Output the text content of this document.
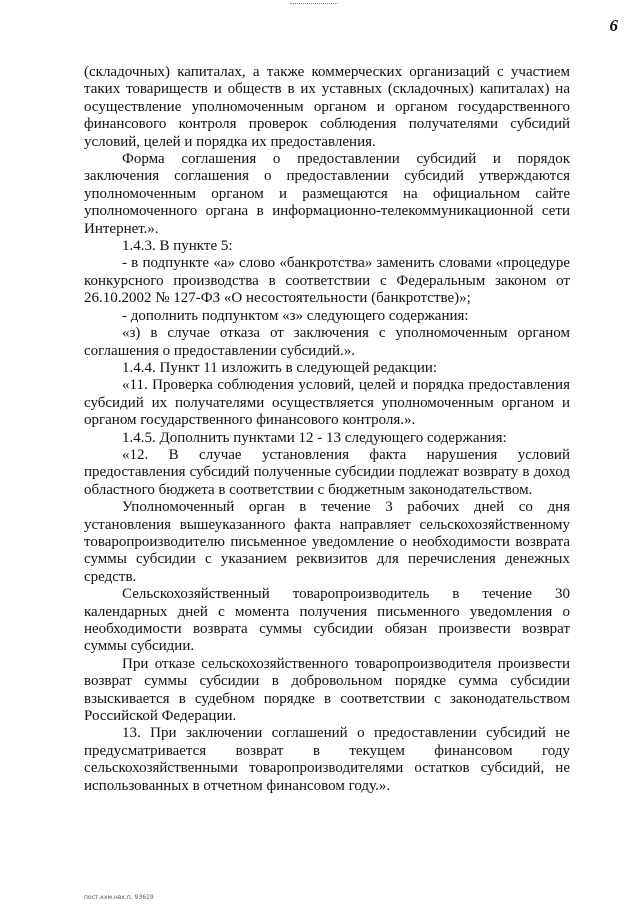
6

(складочных) капиталах, а также коммерческих организаций с участием таких товариществ и обществ в их уставных (складочных) капиталах) на осуществление уполномоченным органом и органом государственного финансового контроля проверок соблюдения получателями субсидий условий, целей и порядка их предоставления.

Форма соглашения о предоставлении субсидий и порядок заключения соглашения о предоставлении субсидий утверждаются уполномоченным органом и размещаются на официальном сайте уполномоченного органа в информационно-телекоммуникационной сети Интернет.».

1.4.3. В пункте 5:

- в подпункте «а» слово «банкротства» заменить словами «процедуре конкурсного производства в соответствии с Федеральным законом от 26.10.2002 № 127-ФЗ «О несостоятельности (банкротстве)»;

- дополнить подпунктом «з» следующего содержания:

«з) в случае отказа от заключения с уполномоченным органом соглашения о предоставлении субсидий.».

1.4.4. Пункт 11 изложить в следующей редакции:

«11. Проверка соблюдения условий, целей и порядка предоставления субсидий их получателями осуществляется уполномоченным органом и органом государственного финансового контроля.».

1.4.5. Дополнить пунктами 12 - 13 следующего содержания:

«12. В случае установления факта нарушения условий предоставления субсидий полученные субсидии подлежат возврату в доход областного бюджета в соответствии с бюджетным законодательством.

Уполномоченный орган в течение 3 рабочих дней со дня установления вышеуказанного факта направляет сельскохозяйственному товаропроизводителю письменное уведомление о необходимости возврата суммы субсидии с указанием реквизитов для перечисления денежных средств.

Сельскохозяйственный товаропроизводитель в течение 30 календарных дней с момента получения письменного уведомления о необходимости возврата суммы субсидии обязан произвести возврат суммы субсидии.

При отказе сельскохозяйственного товаропроизводителя произвести возврат суммы субсидии в добровольном порядке сумма субсидии взыскивается в судебном порядке в соответствии с законодательством Российской Федерации.

13. При заключении соглашений о предоставлении субсидий не предусматривается возврат в текущем финансовом году сельскохозяйственными товаропроизводителями остатков субсидий, не использованных в отчетном финансовом году.».

пост.кхм.нвх.п. 93619
